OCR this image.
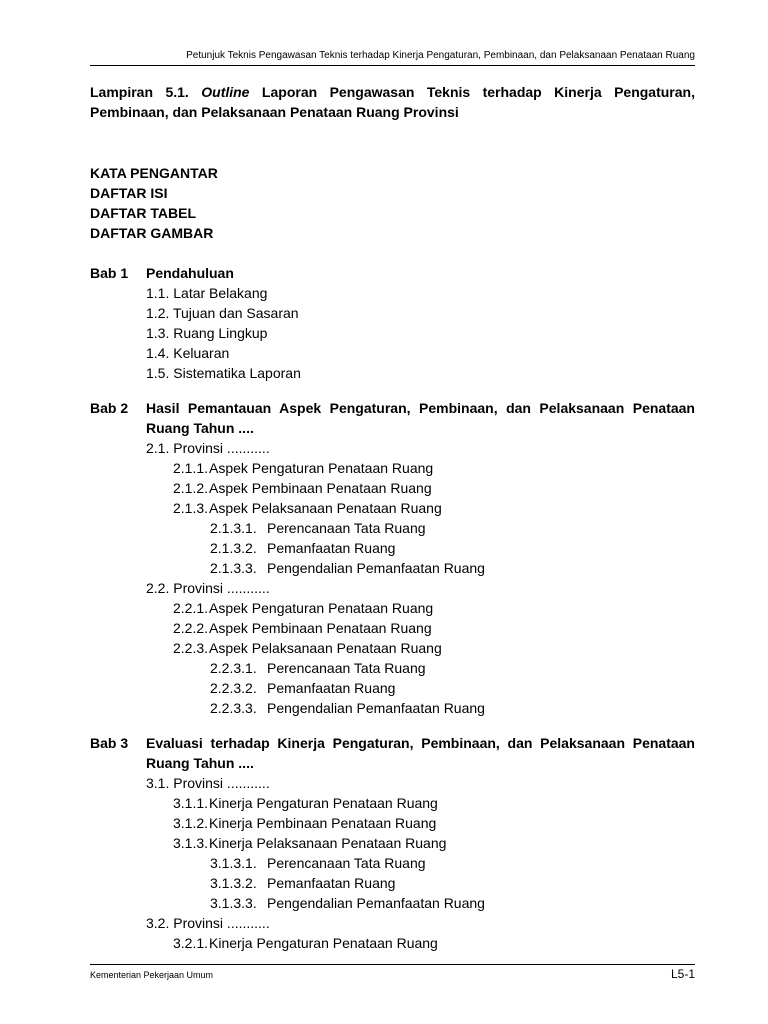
Petunjuk Teknis Pengawasan Teknis terhadap Kinerja Pengaturan, Pembinaan, dan Pelaksanaan Penataan Ruang
Lampiran 5.1. Outline Laporan Pengawasan Teknis terhadap Kinerja Pengaturan,
Pembinaan, dan Pelaksanaan Penataan Ruang Provinsi
KATA PENGANTAR
DAFTAR ISI
DAFTAR TABEL
DAFTAR GAMBAR
Bab 1 Pendahuluan
1.1. Latar Belakang
1.2. Tujuan dan Sasaran
1.3. Ruang Lingkup
1.4. Keluaran
1.5. Sistematika Laporan
Bab 2 Hasil Pemantauan Aspek Pengaturan, Pembinaan, dan Pelaksanaan Penataan
Ruang Tahun ....
2.1. Provinsi ...........
2.1.1.Aspek Pengaturan Penataan Ruang
2.1.2.Aspek Pembinaan Penataan Ruang
2.1.3.Aspek Pelaksanaan Penataan Ruang
2.1.3.1. Perencanaan Tata Ruang
2.1.3.2. Pemanfaatan Ruang
2.1.3.3. Pengendalian Pemanfaatan Ruang
2.2. Provinsi ...........
2.2.1.Aspek Pengaturan Penataan Ruang
2.2.2.Aspek Pembinaan Penataan Ruang
2.2.3.Aspek Pelaksanaan Penataan Ruang
2.2.3.1. Perencanaan Tata Ruang
2.2.3.2. Pemanfaatan Ruang
2.2.3.3. Pengendalian Pemanfaatan Ruang
Bab 3 Evaluasi terhadap Kinerja Pengaturan, Pembinaan, dan Pelaksanaan Penataan
Ruang Tahun ....
3.1. Provinsi ...........
3.1.1.Kinerja Pengaturan Penataan Ruang
3.1.2.Kinerja Pembinaan Penataan Ruang
3.1.3.Kinerja Pelaksanaan Penataan Ruang
3.1.3.1. Perencanaan Tata Ruang
3.1.3.2. Pemanfaatan Ruang
3.1.3.3. Pengendalian Pemanfaatan Ruang
3.2. Provinsi ...........
3.2.1.Kinerja Pengaturan Penataan Ruang
Kementerian Pekerjaan Umum	L5-1
